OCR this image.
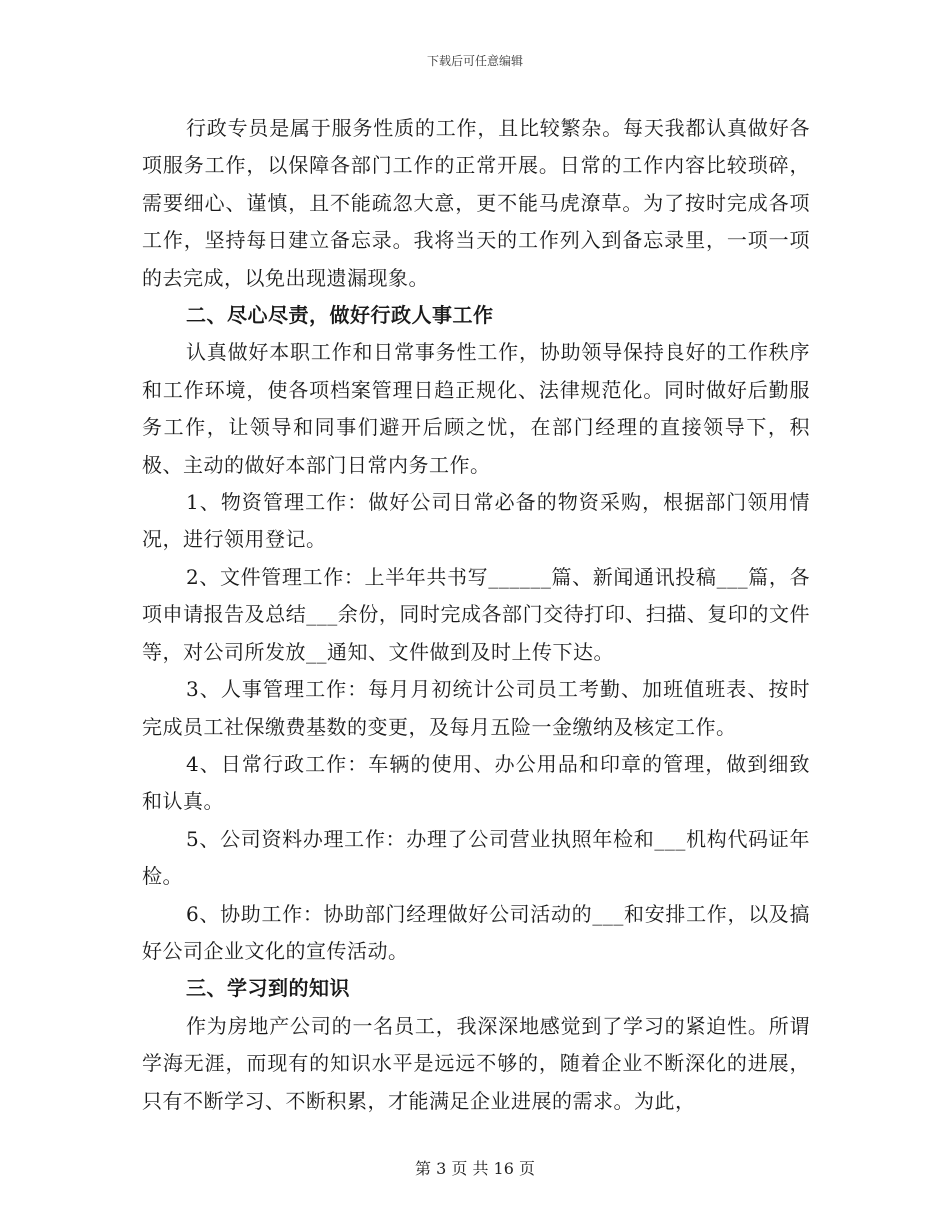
下载后可任意编辑

行政专员是属于服务性质的工作，且比较繁杂。每天我都认真做好各项服务工作，以保障各部门工作的正常开展。日常的工作内容比较琐碎，需要细心、谨慎，且不能疏忽大意，更不能马虎潦草。为了按时完成各项工作，坚持每日建立备忘录。我将当天的工作列入到备忘录里，一项一项的去完成，以免出现遗漏现象。

二、尽心尽责，做好行政人事工作

认真做好本职工作和日常事务性工作，协助领导保持良好的工作秩序和工作环境，使各项档案管理日趋正规化、法律规范化。同时做好后勤服务工作，让领导和同事们避开后顾之忧，在部门经理的直接领导下，积极、主动的做好本部门日常内务工作。

1、物资管理工作：做好公司日常必备的物资采购，根据部门领用情况，进行领用登记。

2、文件管理工作：上半年共书写______篇、新闻通讯投稿___篇，各项申请报告及总结___余份，同时完成各部门交待打印、扫描、复印的文件等，对公司所发放__通知、文件做到及时上传下达。

3、人事管理工作：每月月初统计公司员工考勤、加班值班表、按时完成员工社保缴费基数的变更，及每月五险一金缴纳及核定工作。

4、日常行政工作：车辆的使用、办公用品和印章的管理，做到细致和认真。

5、公司资料办理工作：办理了公司营业执照年检和___机构代码证年检。

6、协助工作：协助部门经理做好公司活动的___和安排工作，以及搞好公司企业文化的宣传活动。

三、学习到的知识

作为房地产公司的一名员工，我深深地感觉到了学习的紧迫性。所谓学海无涯，而现有的知识水平是远远不够的，随着企业不断深化的进展，只有不断学习、不断积累，才能满足企业进展的需求。为此，

第 3 页 共 16 页
